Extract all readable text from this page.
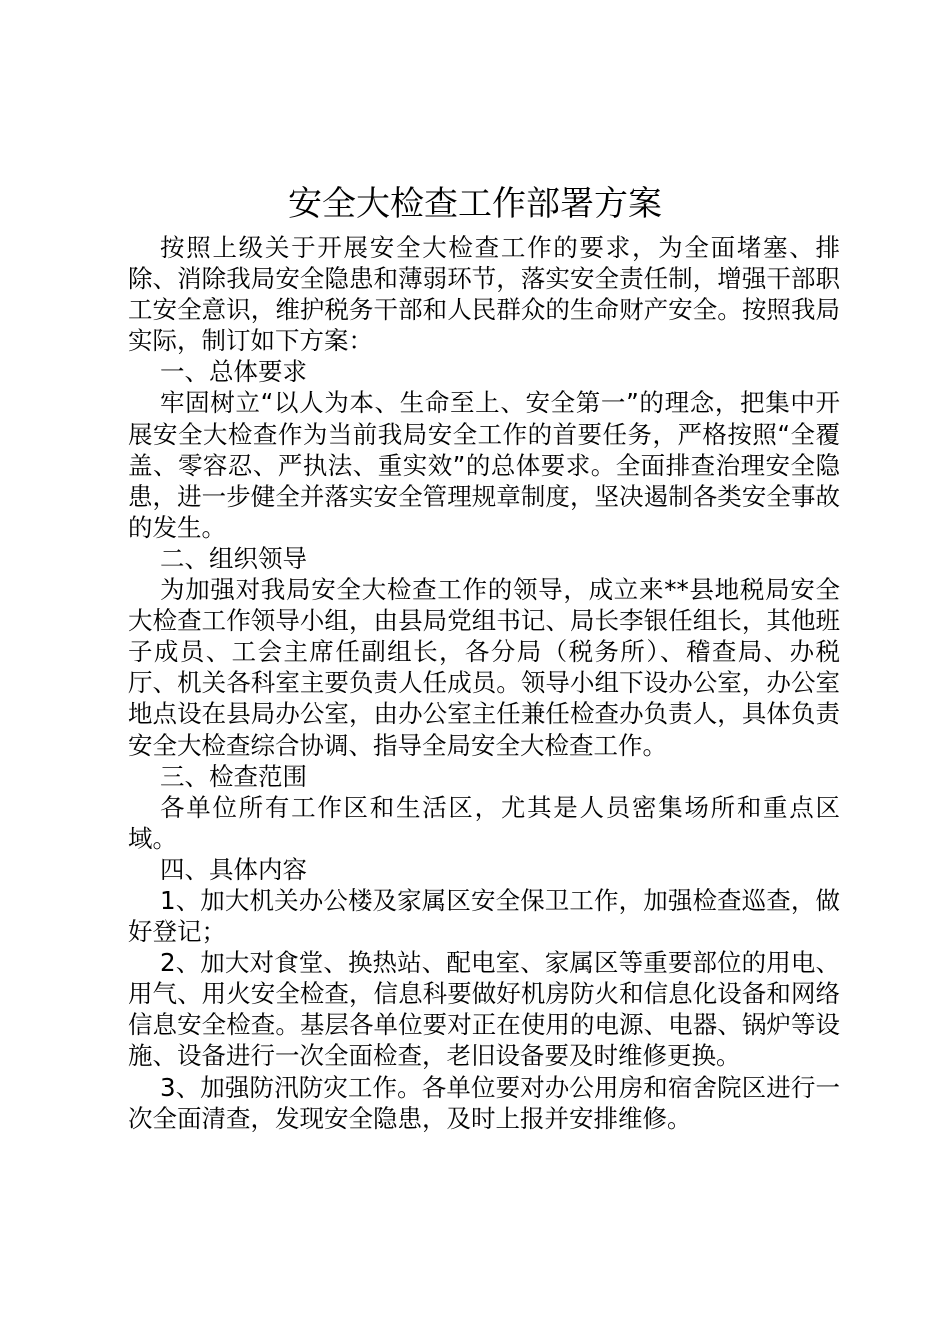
安全大检查工作部署方案

按照上级关于开展安全大检查工作的要求，为全面堵塞、排除、消除我局安全隐患和薄弱环节，落实安全责任制，增强干部职工安全意识，维护税务干部和人民群众的生命财产安全。按照我局实际，制订如下方案：

一、总体要求

牢固树立“以人为本、生命至上、安全第一”的理念，把集中开展安全大检查作为当前我局安全工作的首要任务，严格按照“全覆盖、零容忍、严执法、重实效”的总体要求。全面排查治理安全隐患，进一步健全并落实安全管理规章制度，坚决遏制各类安全事故的发生。

二、组织领导

为加强对我局安全大检查工作的领导，成立来**县地税局安全大检查工作领导小组，由县局党组书记、局长李银任组长，其他班子成员、工会主席任副组长，各分局（税务所）、稽查局、办税厅、机关各科室主要负责人任成员。领导小组下设办公室，办公室地点设在县局办公室，由办公室主任兼任检查办负责人，具体负责安全大检查综合协调、指导全局安全大检查工作。

三、检查范围

各单位所有工作区和生活区，尤其是人员密集场所和重点区域。

四、具体内容

1、加大机关办公楼及家属区安全保卫工作，加强检查巡查，做好登记；

2、加大对食堂、换热站、配电室、家属区等重要部位的用电、用气、用火安全检查，信息科要做好机房防火和信息化设备和网络信息安全检查。基层各单位要对正在使用的电源、电器、锅炉等设施、设备进行一次全面检查，老旧设备要及时维修更换。

3、加强防汛防灾工作。各单位要对办公用房和宿舍院区进行一次全面清查，发现安全隐患，及时上报并安排维修。
